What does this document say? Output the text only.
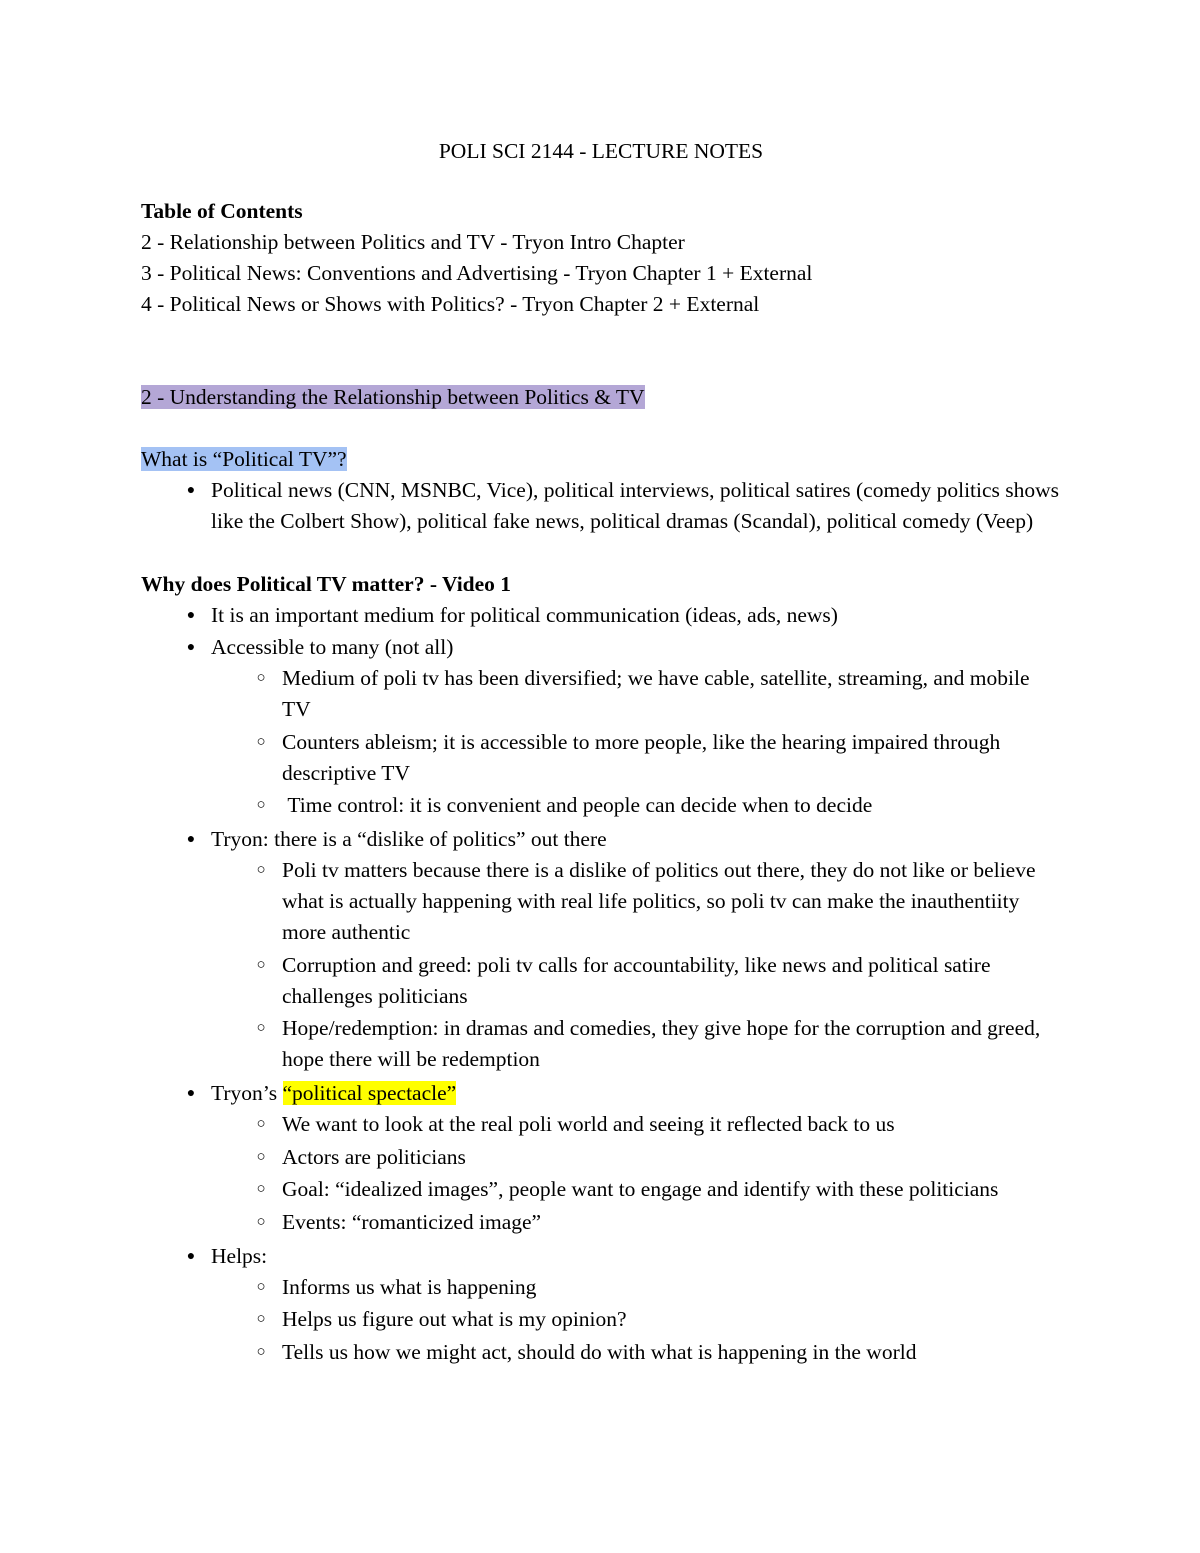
POLI SCI 2144 - LECTURE NOTES
Table of Contents
2 - Relationship between Politics and TV - Tryon Intro Chapter
3 - Political News: Conventions and Advertising - Tryon Chapter 1 + External
4 - Political News or Shows with Politics? - Tryon Chapter 2 + External
2 - Understanding the Relationship between Politics & TV
What is “Political TV”?
● Political news (CNN, MSNBC, Vice), political interviews, political satires (comedy politics shows like the Colbert Show), political fake news, political dramas (Scandal), political comedy (Veep)
Why does Political TV matter? - Video 1
● It is an important medium for political communication (ideas, ads, news)
● Accessible to many (not all)
○ Medium of poli tv has been diversified; we have cable, satellite, streaming, and mobile TV
○ Counters ableism; it is accessible to more people, like the hearing impaired through descriptive TV
○ Time control: it is convenient and people can decide when to decide
● Tryon: there is a “dislike of politics” out there
○ Poli tv matters because there is a dislike of politics out there, they do not like or believe what is actually happening with real life politics, so poli tv can make the inauthentiity more authentic
○ Corruption and greed: poli tv calls for accountability, like news and political satire challenges politicians
○ Hope/redemption: in dramas and comedies, they give hope for the corruption and greed, hope there will be redemption
● Tryon’s “political spectacle”
○ We want to look at the real poli world and seeing it reflected back to us
○ Actors are politicians
○ Goal: “idealized images”, people want to engage and identify with these politicians
○ Events: “romanticized image”
● Helps:
○ Informs us what is happening
○ Helps us figure out what is my opinion?
○ Tells us how we might act, should do with what is happening in the world
